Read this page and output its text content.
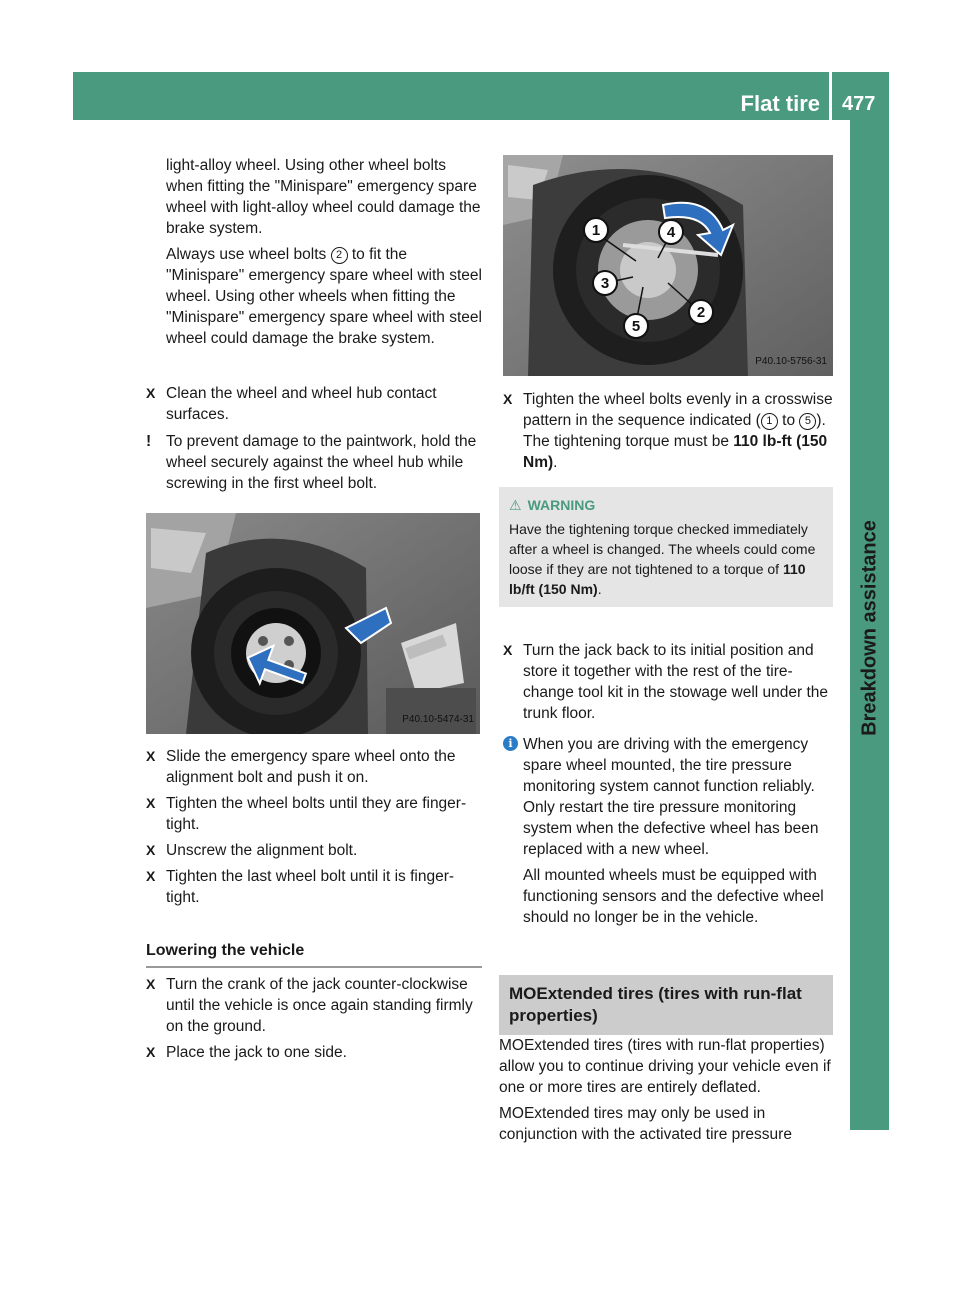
Flat tire 477
Breakdown assistance

light-alloy wheel. Using other wheel bolts when fitting the "Minispare" emergency spare wheel with light-alloy wheel could damage the brake system.

Always use wheel bolts 2 to fit the "Minispare" emergency spare wheel with steel wheel. Using other wheels when fitting the "Minispare" emergency spare wheel with steel wheel could damage the brake system.

X Clean the wheel and wheel hub contact surfaces.
! To prevent damage to the paintwork, hold the wheel securely against the wheel hub while screwing in the first wheel bolt.
P40.10-5474-31
X Slide the emergency spare wheel onto the alignment bolt and push it on.
X Tighten the wheel bolts until they are finger-tight.
X Unscrew the alignment bolt.
X Tighten the last wheel bolt until it is finger-tight.
Lowering the vehicle
X Turn the crank of the jack counter-clockwise until the vehicle is once again standing firmly on the ground.
X Place the jack to one side.
1	4
3
2
5
P40.10-5756-31
X Tighten the wheel bolts evenly in a crosswise pattern in the sequence indicated ( 1 to 5 ). The tightening torque must be 110 lb-ft (150 Nm).
⚠ WARNING
Have the tightening torque checked immediately after a wheel is changed. The wheels could come loose if they are not tightened to a torque of 110 lb/ft (150 Nm).
X Turn the jack back to its initial position and store it together with the rest of the tire-change tool kit in the stowage well under the trunk floor.
i When you are driving with the emergency spare wheel mounted, the tire pressure monitoring system cannot function reliably. Only restart the tire pressure monitoring system when the defective wheel has been replaced with a new wheel.

All mounted wheels must be equipped with functioning sensors and the defective wheel should no longer be in the vehicle.

MOExtended tires (tires with run-flat properties)

MOExtended tires (tires with run-flat properties) allow you to continue driving your vehicle even if one or more tires are entirely deflated.

MOExtended tires may only be used in conjunction with the activated tire pressure
